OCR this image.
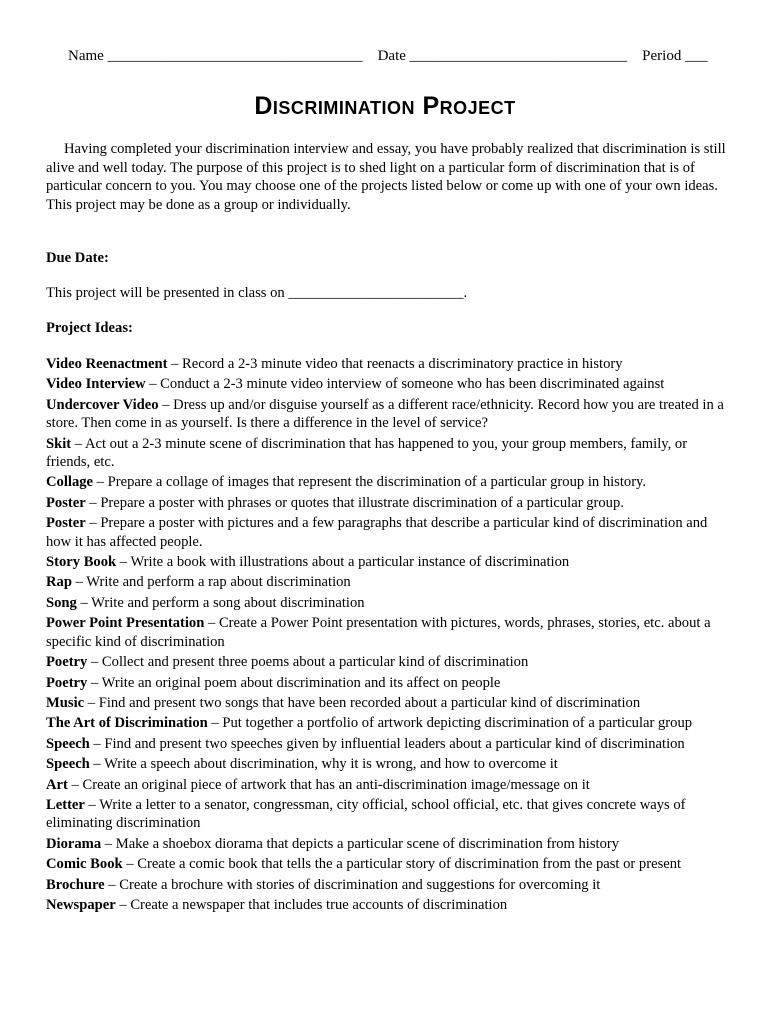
Name __________________________________ Date _____________________________ Period ___
Discrimination Project

Having completed your discrimination interview and essay, you have probably realized that discrimination is still alive and well today. The purpose of this project is to shed light on a particular form of discrimination that is of particular concern to you. You may choose one of the projects listed below or come up with one of your own ideas. This project may be done as a group or individually.

Due Date:

This project will be presented in class on ________________________.

Project Ideas:

Video Reenactment – Record a 2-3 minute video that reenacts a discriminatory practice in history
Video Interview – Conduct a 2-3 minute video interview of someone who has been discriminated against
Undercover Video – Dress up and/or disguise yourself as a different race/ethnicity. Record how you are treated in a store. Then come in as yourself. Is there a difference in the level of service?
Skit – Act out a 2-3 minute scene of discrimination that has happened to you, your group members, family, or friends, etc.
Collage – Prepare a collage of images that represent the discrimination of a particular group in history.
Poster – Prepare a poster with phrases or quotes that illustrate discrimination of a particular group.
Poster – Prepare a poster with pictures and a few paragraphs that describe a particular kind of discrimination and how it has affected people.
Story Book – Write a book with illustrations about a particular instance of discrimination
Rap – Write and perform a rap about discrimination
Song – Write and perform a song about discrimination
Power Point Presentation – Create a Power Point presentation with pictures, words, phrases, stories, etc. about a specific kind of discrimination
Poetry – Collect and present three poems about a particular kind of discrimination
Poetry – Write an original poem about discrimination and its affect on people
Music – Find and present two songs that have been recorded about a particular kind of discrimination
The Art of Discrimination – Put together a portfolio of artwork depicting discrimination of a particular group
Speech – Find and present two speeches given by influential leaders about a particular kind of discrimination
Speech – Write a speech about discrimination, why it is wrong, and how to overcome it
Art – Create an original piece of artwork that has an anti-discrimination image/message on it
Letter – Write a letter to a senator, congressman, city official, school official, etc. that gives concrete ways of eliminating discrimination
Diorama – Make a shoebox diorama that depicts a particular scene of discrimination from history
Comic Book – Create a comic book that tells the a particular story of discrimination from the past or present
Brochure – Create a brochure with stories of discrimination and suggestions for overcoming it
Newspaper – Create a newspaper that includes true accounts of discrimination
